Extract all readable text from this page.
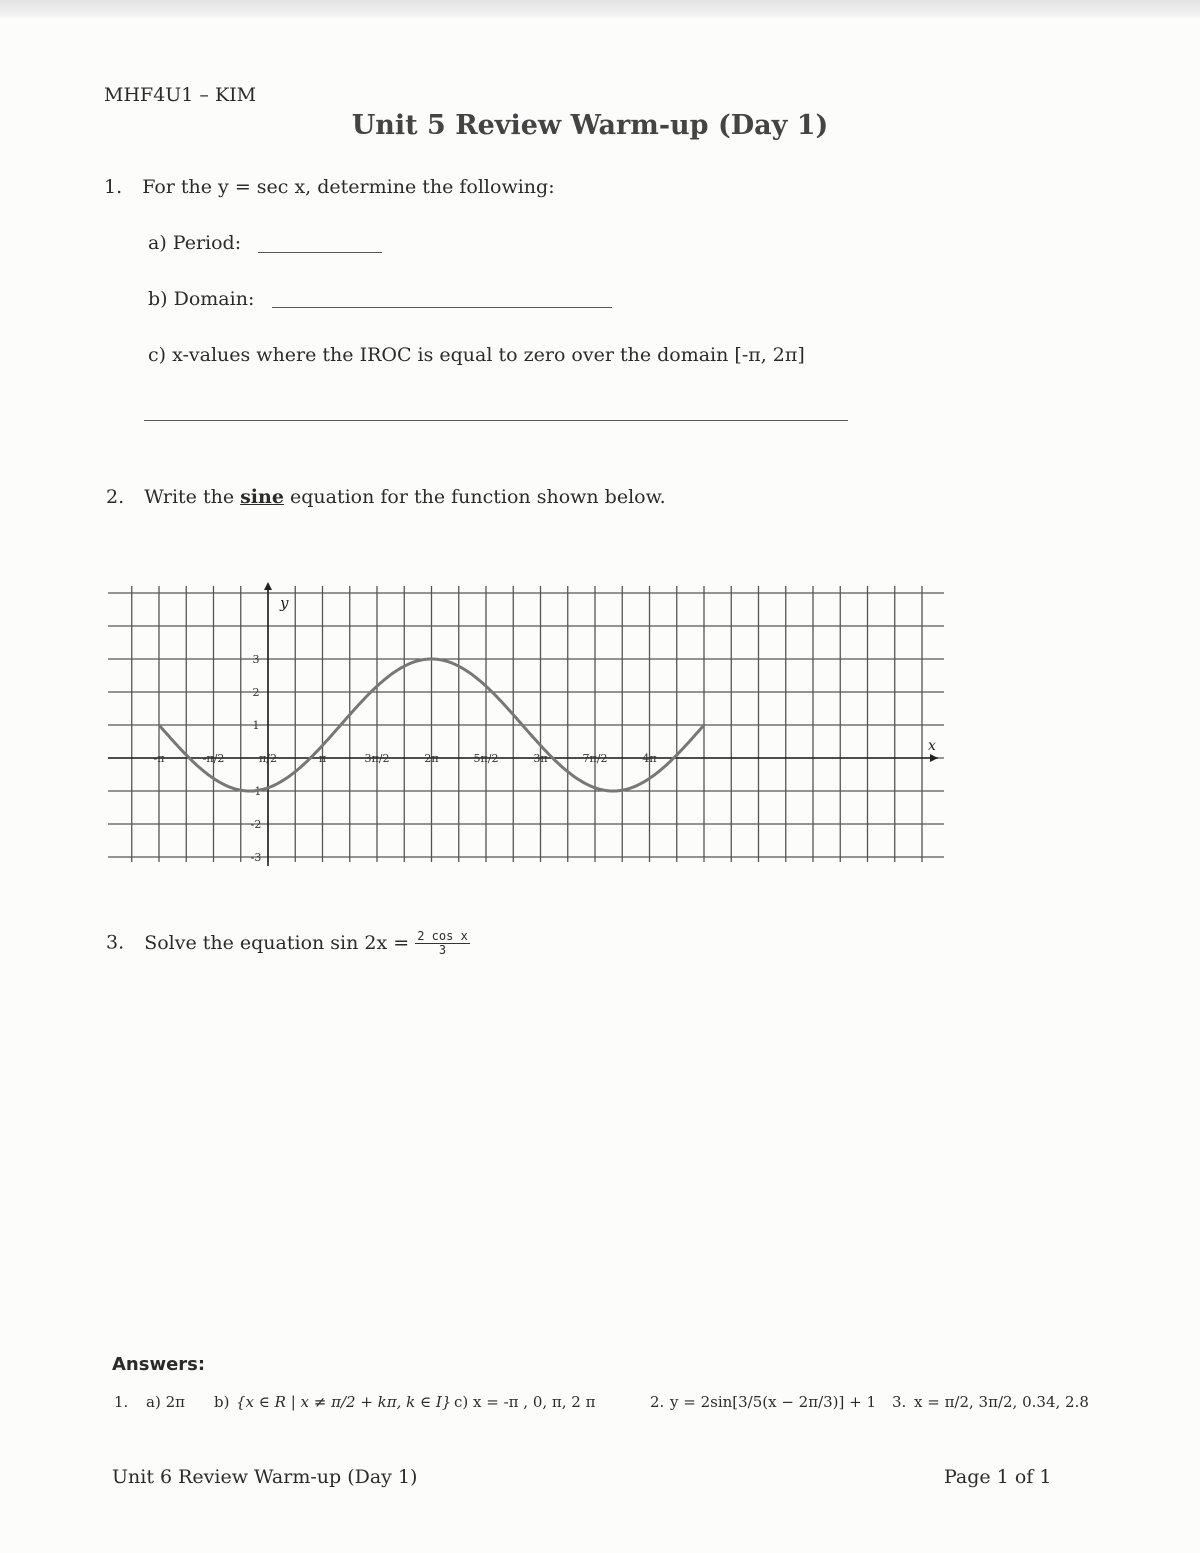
MHF4U1 – KIM
Unit 5 Review Warm-up (Day 1)
1. For the y = sec x, determine the following:
a) Period:
b) Domain:
c) x-values where the IROC is equal to zero over the domain [-π, 2π]
2. Write the sine equation for the function shown below.
x
y
-π	-π/2	π/2	π	3π/2	2π	5π/2	3π	7π/2	4π
3
2
1
-1
-2
-3
3. Solve the equation $\sin 2x = \frac{\text{2 cos x}}{3}$
Answers:
1. a) 2π b) {x ∈ R | x ≠ π/2 + kπ, k ∈ I} c) x = -π , 0, π, 2 π	2. y = 2sin[3/5(x − 2π/3)] + 1 3. x = π/2, 3π/2, 0.34, 2.8
Unit 6 Review Warm-up (Day 1)	Page 1 of 1
